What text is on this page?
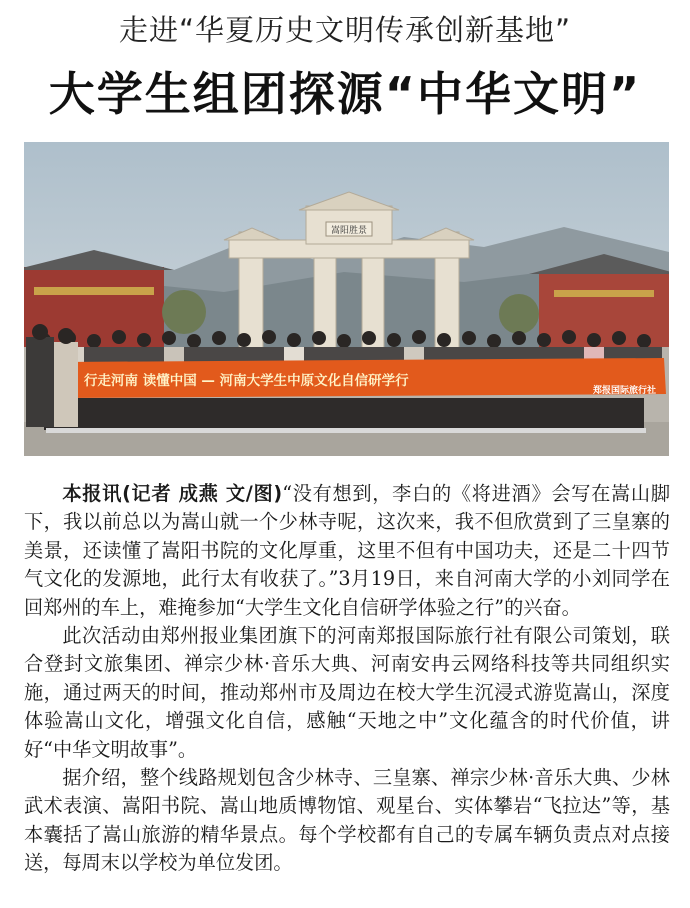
走进“华夏历史文明传承创新基地”
大学生组团探源“中华文明”
嵩阳胜景
行走河南 读懂中国 — 河南大学生中原文化自信研学行
郑报国际旅行社

本报讯(记者 成燕 文/图)“没有想到，李白的《将进酒》会写在嵩山脚下，我以前总以为嵩山就一个少林寺呢，这次来，我不但欣赏到了三皇寨的美景，还读懂了嵩阳书院的文化厚重，这里不但有中国功夫，还是二十四节气文化的发源地，此行太有收获了。”3月19日，来自河南大学的小刘同学在回郑州的车上，难掩参加“大学生文化自信研学体验之行”的兴奋。

此次活动由郑州报业集团旗下的河南郑报国际旅行社有限公司策划，联合登封文旅集团、禅宗少林·音乐大典、河南安冉云网络科技等共同组织实施，通过两天的时间，推动郑州市及周边在校大学生沉浸式游览嵩山，深度体验嵩山文化，增强文化自信，感触“天地之中”文化蕴含的时代价值，讲好“中华文明故事”。

据介绍，整个线路规划包含少林寺、三皇寨、禅宗少林·音乐大典、少林武术表演、嵩阳书院、嵩山地质博物馆、观星台、实体攀岩“飞拉达”等，基本囊括了嵩山旅游的精华景点。每个学校都有自己的专属车辆负责点对点接送，每周末以学校为单位发团。
